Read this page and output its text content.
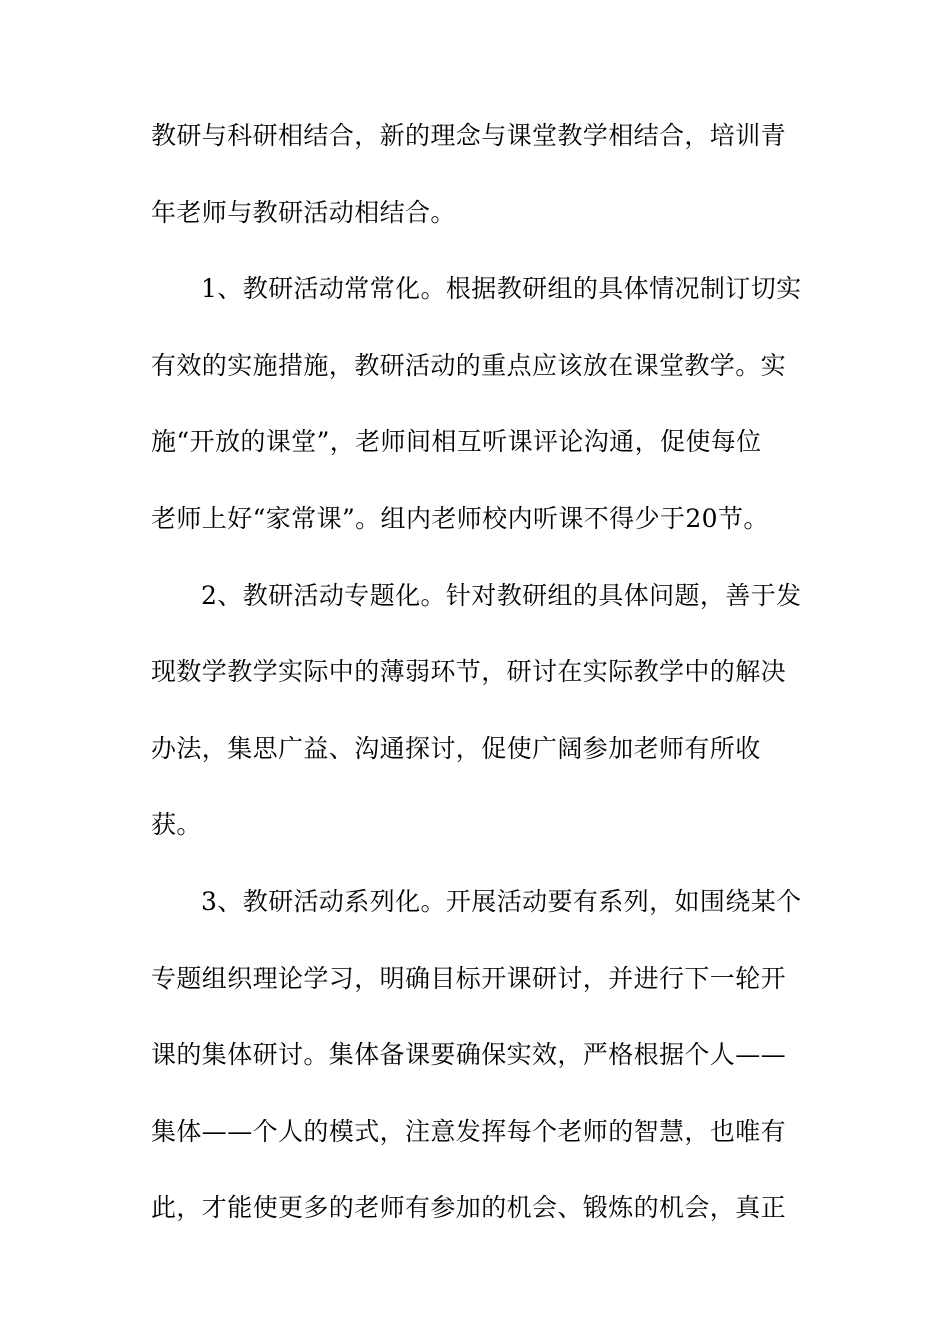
教研与科研相结合，新的理念与课堂教学相结合，培训青
年老师与教研活动相结合。
1、教研活动常常化。根据教研组的具体情况制订切实
有效的实施措施，教研活动的重点应该放在课堂教学。实
施“开放的课堂”，老师间相互听课评论沟通，促使每位
老师上好“家常课”。组内老师校内听课不得少于20节。
2、教研活动专题化。针对教研组的具体问题，善于发
现数学教学实际中的薄弱环节，研讨在实际教学中的解决
办法，集思广益、沟通探讨，促使广阔参加老师有所收
获。
3、教研活动系列化。开展活动要有系列，如围绕某个
专题组织理论学习，明确目标开课研讨，并进行下一轮开
课的集体研讨。集体备课要确保实效，严格根据个人——
集体——个人的模式，注意发挥每个老师的智慧，也唯有
此，才能使更多的老师有参加的机会、锻炼的机会，真正
